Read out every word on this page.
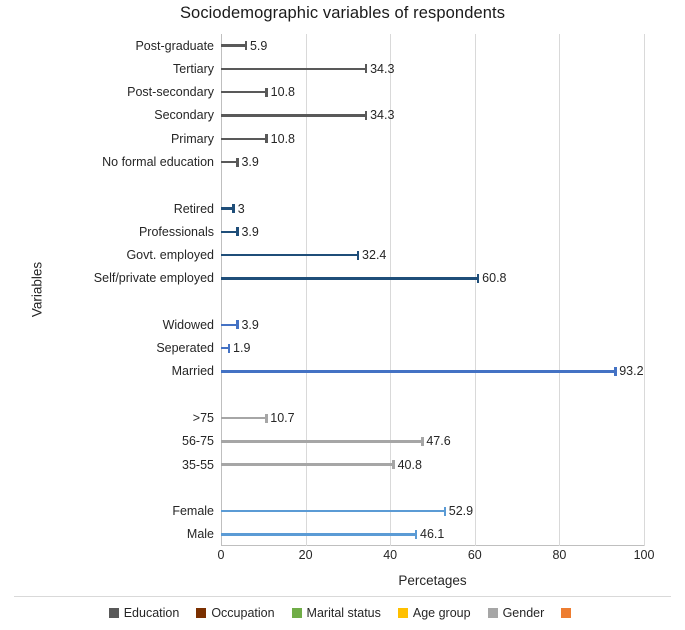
Sociodemographic variables of respondents
Variables
Post-graduate
Tertiary
Post-secondary
Secondary
Primary
No formal education
Retired
Professionals
Govt. employed
Self/private employed
Widowed
Seperated
Married
>75
56-75
35-55
Female
Male
5.9
34.3
10.8
34.3
10.8
3.9
3
3.9
32.4
60.8
3.9
1.9
93.2
10.7
47.6
40.8
52.9
46.1
0	20	40	60	80	100
Percetages
Education	Occupation	Marital status	Age group	Gender
